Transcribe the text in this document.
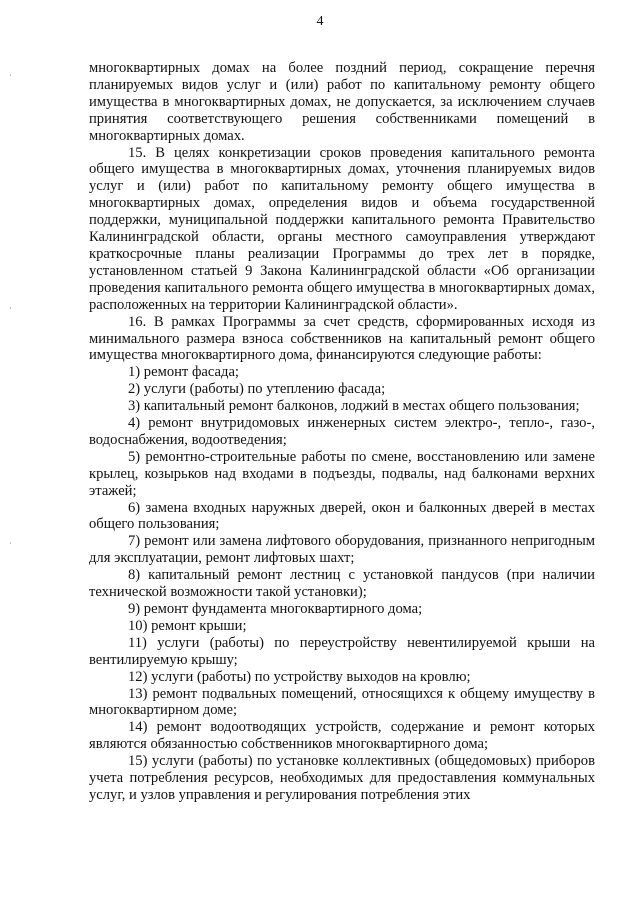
4
·
·
·

многоквартирных домах на более поздний период, сокращение перечня планируемых видов услуг и (или) работ по капитальному ремонту общего имущества в многоквартирных домах, не допускается, за исключением случаев принятия соответствующего решения собственниками помещений в многоквартирных домах.

15. В целях конкретизации сроков проведения капитального ремонта общего имущества в многоквартирных домах, уточнения планируемых видов услуг и (или) работ по капитальному ремонту общего имущества в многоквартирных домах, определения видов и объема государственной поддержки, муниципальной поддержки капитального ремонта Правительство Калининградской области, органы местного самоуправления утверждают краткосрочные планы реализации Программы до трех лет в порядке, установленном статьей 9 Закона Калининградской области «Об организации проведения капитального ремонта общего имущества в многоквартирных домах, расположенных на территории Калининградской области».

16. В рамках Программы за счет средств, сформированных исходя из минимального размера взноса собственников на капитальный ремонт общего имущества многоквартирного дома, финансируются следующие работы:

1) ремонт фасада;

2) услуги (работы) по утеплению фасада;

3) капитальный ремонт балконов, лоджий в местах общего пользования;

4) ремонт внутридомовых инженерных систем электро-, тепло-, газо-, водоснабжения, водоотведения;

5) ремонтно-строительные работы по смене, восстановлению или замене крылец, козырьков над входами в подъезды, подвалы, над балконами верхних этажей;

6) замена входных наружных дверей, окон и балконных дверей в местах общего пользования;

7) ремонт или замена лифтового оборудования, признанного непригодным для эксплуатации, ремонт лифтовых шахт;

8) капитальный ремонт лестниц с установкой пандусов (при наличии технической возможности такой установки);

9) ремонт фундамента многоквартирного дома;

10) ремонт крыши;

11) услуги (работы) по переустройству невентилируемой крыши на вентилируемую крышу;

12) услуги (работы) по устройству выходов на кровлю;

13) ремонт подвальных помещений, относящихся к общему имуществу в многоквартирном доме;

14) ремонт водоотводящих устройств, содержание и ремонт которых являются обязанностью собственников многоквартирного дома;

15) услуги (работы) по установке коллективных (общедомовых) приборов учета потребления ресурсов, необходимых для предоставления коммунальных услуг, и узлов управления и регулирования потребления этих
